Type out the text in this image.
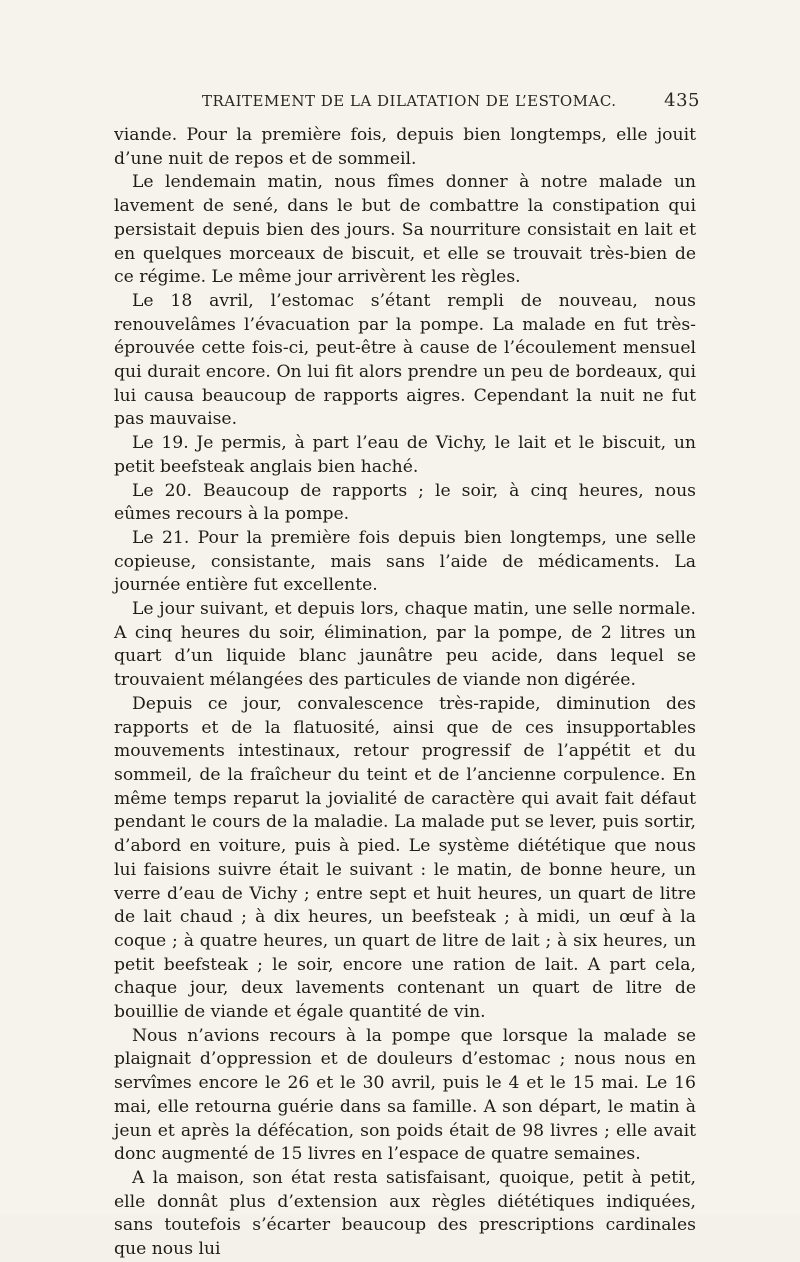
TRAITEMENT DE LA DILATATION DE L’ESTOMAC.	435

viande. Pour la première fois, depuis bien longtemps, elle jouit d’une nuit de repos et de sommeil.

Le lendemain matin, nous fîmes donner à notre malade un lavement de sené, dans le but de combattre la constipation qui persistait depuis bien des jours. Sa nourriture consistait en lait et en quelques morceaux de biscuit, et elle se trouvait très-bien de ce régime. Le même jour arrivèrent les règles.

Le 18 avril, l’estomac s’étant rempli de nouveau, nous renouvelâmes l’évacuation par la pompe. La malade en fut très-éprouvée cette fois-ci, peut-être à cause de l’écoulement mensuel qui durait encore. On lui fit alors prendre un peu de bordeaux, qui lui causa beaucoup de rapports aigres. Cependant la nuit ne fut pas mauvaise.

Le 19. Je permis, à part l’eau de Vichy, le lait et le biscuit, un petit beefsteak anglais bien haché.

Le 20. Beaucoup de rapports ; le soir, à cinq heures, nous eûmes recours à la pompe.

Le 21. Pour la première fois depuis bien longtemps, une selle copieuse, consistante, mais sans l’aide de médicaments. La journée entière fut excellente.

Le jour suivant, et depuis lors, chaque matin, une selle normale. A cinq heures du soir, élimination, par la pompe, de 2 litres un quart d’un liquide blanc jaunâtre peu acide, dans lequel se trouvaient mélangées des particules de viande non digérée.

Depuis ce jour, convalescence très-rapide, diminution des rapports et de la flatuosité, ainsi que de ces insupportables mouvements intestinaux, retour progressif de l’appétit et du sommeil, de la fraîcheur du teint et de l’ancienne corpulence. En même temps reparut la jovialité de caractère qui avait fait défaut pendant le cours de la maladie. La malade put se lever, puis sortir, d’abord en voiture, puis à pied. Le système diététique que nous lui faisions suivre était le suivant : le matin, de bonne heure, un verre d’eau de Vichy ; entre sept et huit heures, un quart de litre de lait chaud ; à dix heures, un beefsteak ; à midi, un œuf à la coque ; à quatre heures, un quart de litre de lait ; à six heures, un petit beefsteak ; le soir, encore une ration de lait. A part cela, chaque jour, deux lavements contenant un quart de litre de bouillie de viande et égale quantité de vin.

Nous n’avions recours à la pompe que lorsque la malade se plaignait d’oppression et de douleurs d’estomac ; nous nous en servîmes encore le 26 et le 30 avril, puis le 4 et le 15 mai. Le 16 mai, elle retourna guérie dans sa famille. A son départ, le matin à jeun et après la défécation, son poids était de 98 livres ; elle avait donc augmenté de 15 livres en l’espace de quatre semaines.

A la maison, son état resta satisfaisant, quoique, petit à petit, elle donnât plus d’extension aux règles diététiques indiquées, sans toutefois s’écarter beaucoup des prescriptions cardinales que nous lui
